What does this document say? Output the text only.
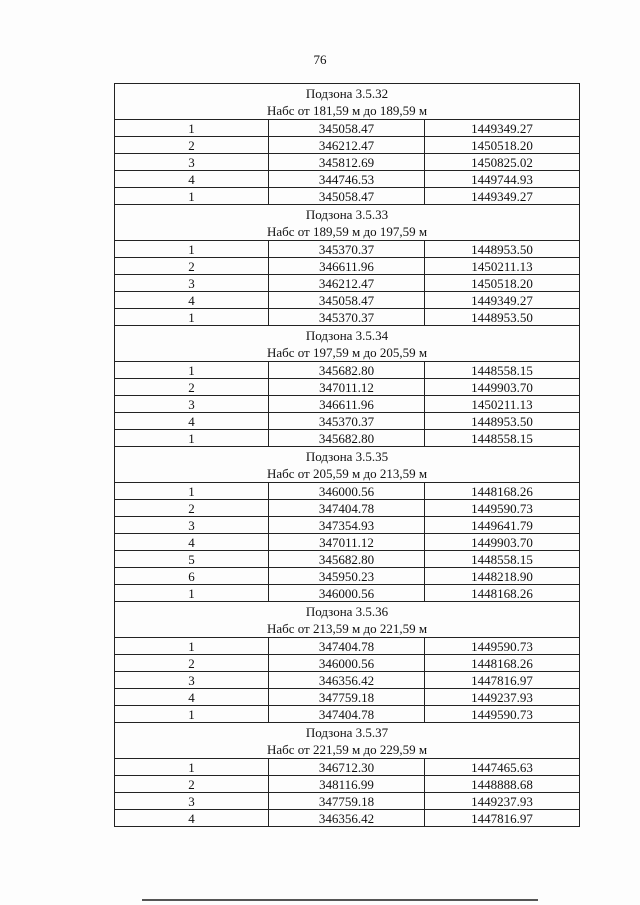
76
Подзона 3.5.32
Набс от 181,59 м до 189,59 м		

1	345058.47	1449349.27
2	346212.47	1450518.20
3	345812.69	1450825.02
4	344746.53	1449744.93
1	345058.47	1449349.27

Подзона 3.5.33
Набс от 189,59 м до 197,59 м		

1	345370.37	1448953.50
2	346611.96	1450211.13
3	346212.47	1450518.20
4	345058.47	1449349.27
1	345370.37	1448953.50

Подзона 3.5.34
Набс от 197,59 м до 205,59 м		

1	345682.80	1448558.15
2	347011.12	1449903.70
3	346611.96	1450211.13
4	345370.37	1448953.50
1	345682.80	1448558.15

Подзона 3.5.35
Набс от 205,59 м до 213,59 м		

1	346000.56	1448168.26
2	347404.78	1449590.73
3	347354.93	1449641.79
4	347011.12	1449903.70
5	345682.80	1448558.15
6	345950.23	1448218.90
1	346000.56	1448168.26

Подзона 3.5.36
Набс от 213,59 м до 221,59 м		

1	347404.78	1449590.73
2	346000.56	1448168.26
3	346356.42	1447816.97
4	347759.18	1449237.93
1	347404.78	1449590.73

Подзона 3.5.37
Набс от 221,59 м до 229,59 м		

1	346712.30	1447465.63
2	348116.99	1448888.68
3	347759.18	1449237.93
4	346356.42	1447816.97
